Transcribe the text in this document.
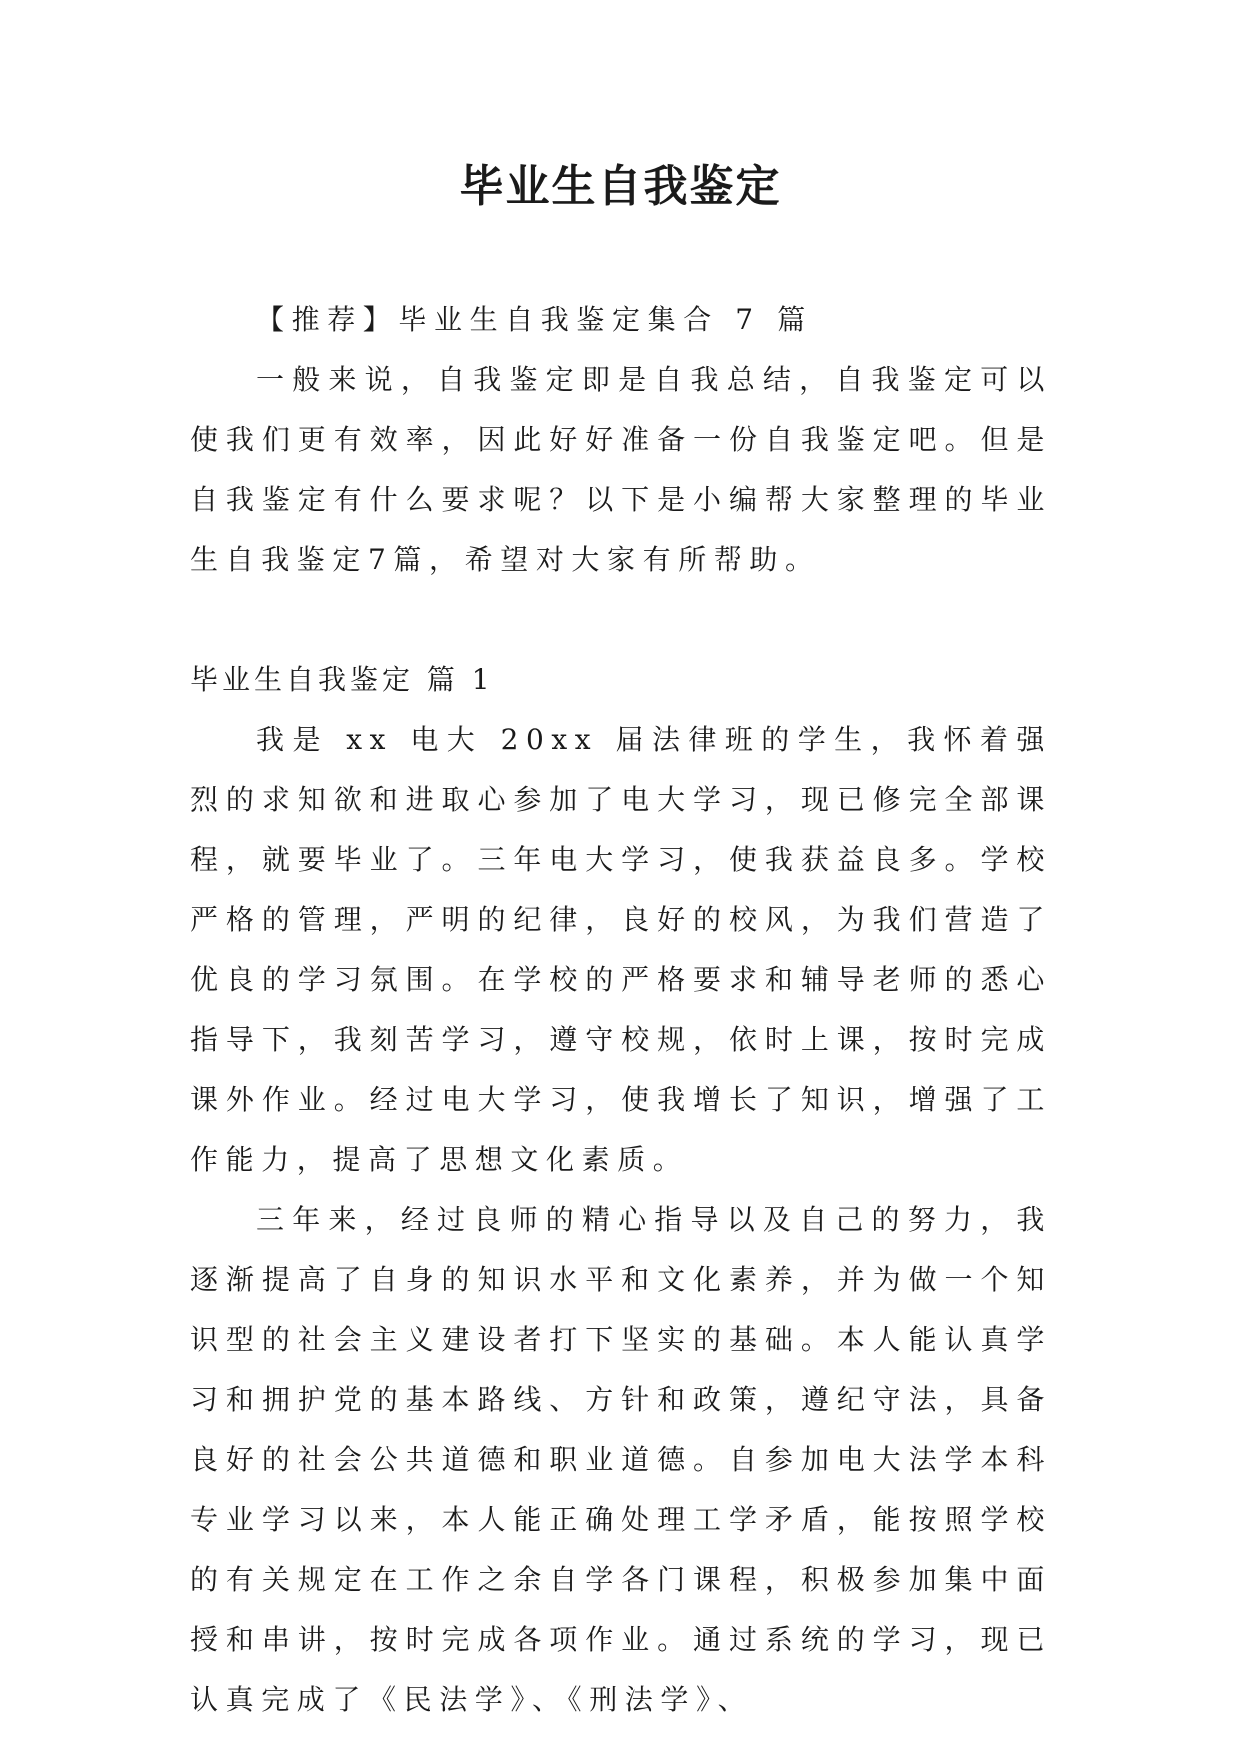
毕业生自我鉴定

【推荐】毕业生自我鉴定集合 7 篇

一般来说，自我鉴定即是自我总结，自我鉴定可以使我们更有效率，因此好好准备一份自我鉴定吧。但是自我鉴定有什么要求呢？以下是小编帮大家整理的毕业生自我鉴定7篇，希望对大家有所帮助。

毕业生自我鉴定 篇 1

我是 xx 电大 20xx 届法律班的学生，我怀着强烈的求知欲和进取心参加了电大学习，现已修完全部课程，就要毕业了。三年电大学习，使我获益良多。学校严格的管理，严明的纪律，良好的校风，为我们营造了优良的学习氛围。在学校的严格要求和辅导老师的悉心指导下，我刻苦学习，遵守校规，依时上课，按时完成课外作业。经过电大学习，使我增长了知识，增强了工作能力，提高了思想文化素质。

三年来，经过良师的精心指导以及自己的努力，我逐渐提高了自身的知识水平和文化素养，并为做一个知识型的社会主义建设者打下坚实的基础。本人能认真学习和拥护党的基本路线、方针和政策，遵纪守法，具备良好的社会公共道德和职业道德。自参加电大法学本科专业学习以来，本人能正确处理工学矛盾，能按照学校的有关规定在工作之余自学各门课程，积极参加集中面授和串讲，按时完成各项作业。通过系统的学习，现已认真完成了《民法学》、《刑法学》、
